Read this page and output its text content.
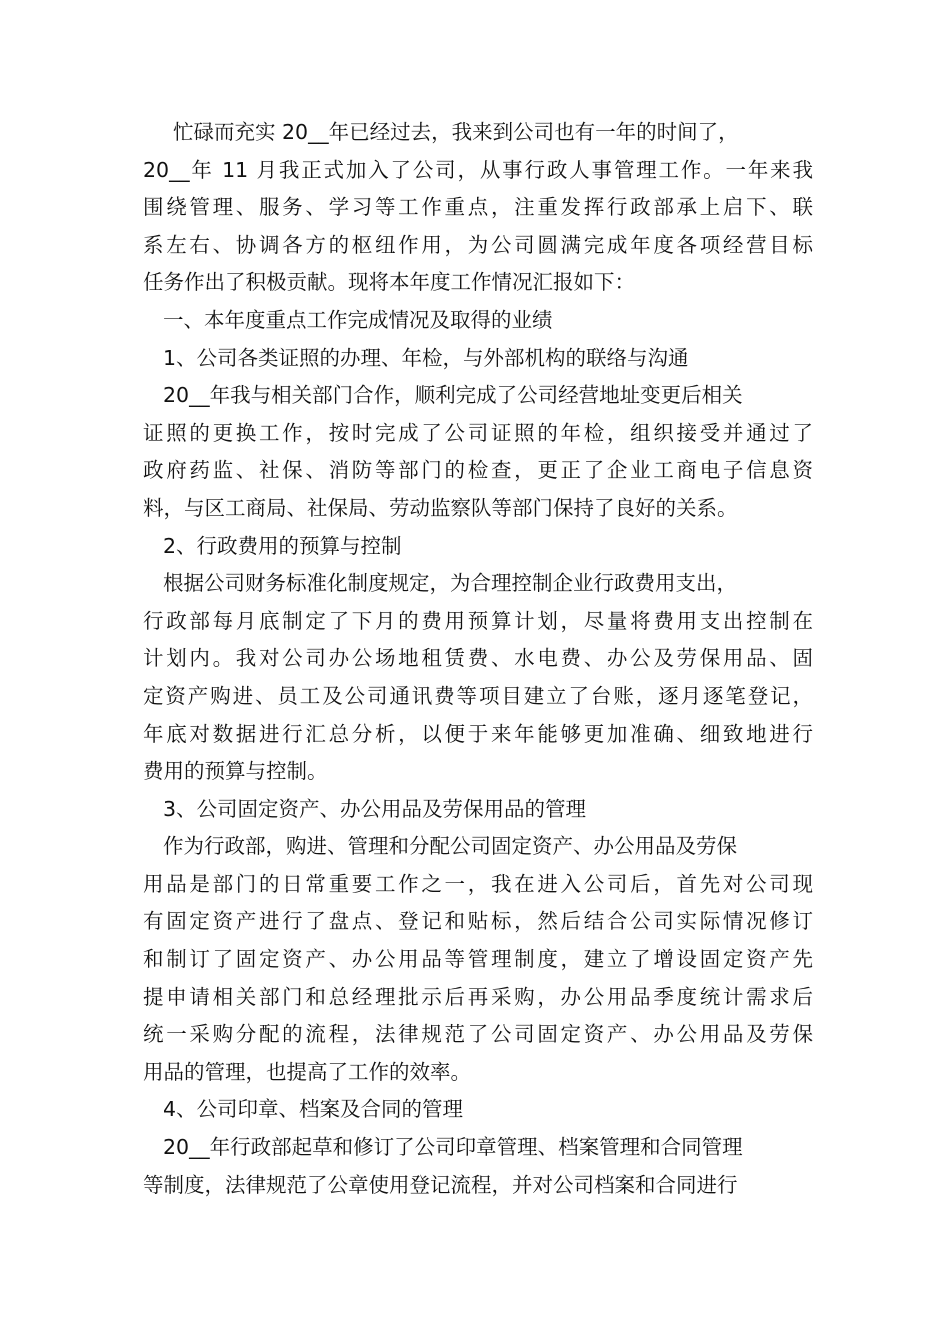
忙碌而充实 20__年已经过去，我来到公司也有一年的时间了，
20__年 11 月我正式加入了公司，从事行政人事管理工作。一年来我
围绕管理、服务、学习等工作重点，注重发挥行政部承上启下、联
系左右、协调各方的枢纽作用，为公司圆满完成年度各项经营目标
任务作出了积极贡献。现将本年度工作情况汇报如下：
一、本年度重点工作完成情况及取得的业绩
1、公司各类证照的办理、年检，与外部机构的联络与沟通
20__年我与相关部门合作，顺利完成了公司经营地址变更后相关
证照的更换工作，按时完成了公司证照的年检，组织接受并通过了
政府药监、社保、消防等部门的检查，更正了企业工商电子信息资
料，与区工商局、社保局、劳动监察队等部门保持了良好的关系。
2、行政费用的预算与控制
根据公司财务标准化制度规定，为合理控制企业行政费用支出，
行政部每月底制定了下月的费用预算计划，尽量将费用支出控制在
计划内。我对公司办公场地租赁费、水电费、办公及劳保用品、固
定资产购进、员工及公司通讯费等项目建立了台账，逐月逐笔登记，
年底对数据进行汇总分析，以便于来年能够更加准确、细致地进行
费用的预算与控制。
3、公司固定资产、办公用品及劳保用品的管理
作为行政部，购进、管理和分配公司固定资产、办公用品及劳保
用品是部门的日常重要工作之一，我在进入公司后，首先对公司现
有固定资产进行了盘点、登记和贴标，然后结合公司实际情况修订
和制订了固定资产、办公用品等管理制度，建立了增设固定资产先
提申请相关部门和总经理批示后再采购，办公用品季度统计需求后
统一采购分配的流程，法律规范了公司固定资产、办公用品及劳保
用品的管理，也提高了工作的效率。
4、公司印章、档案及合同的管理
20__年行政部起草和修订了公司印章管理、档案管理和合同管理
等制度，法律规范了公章使用登记流程，并对公司档案和合同进行
